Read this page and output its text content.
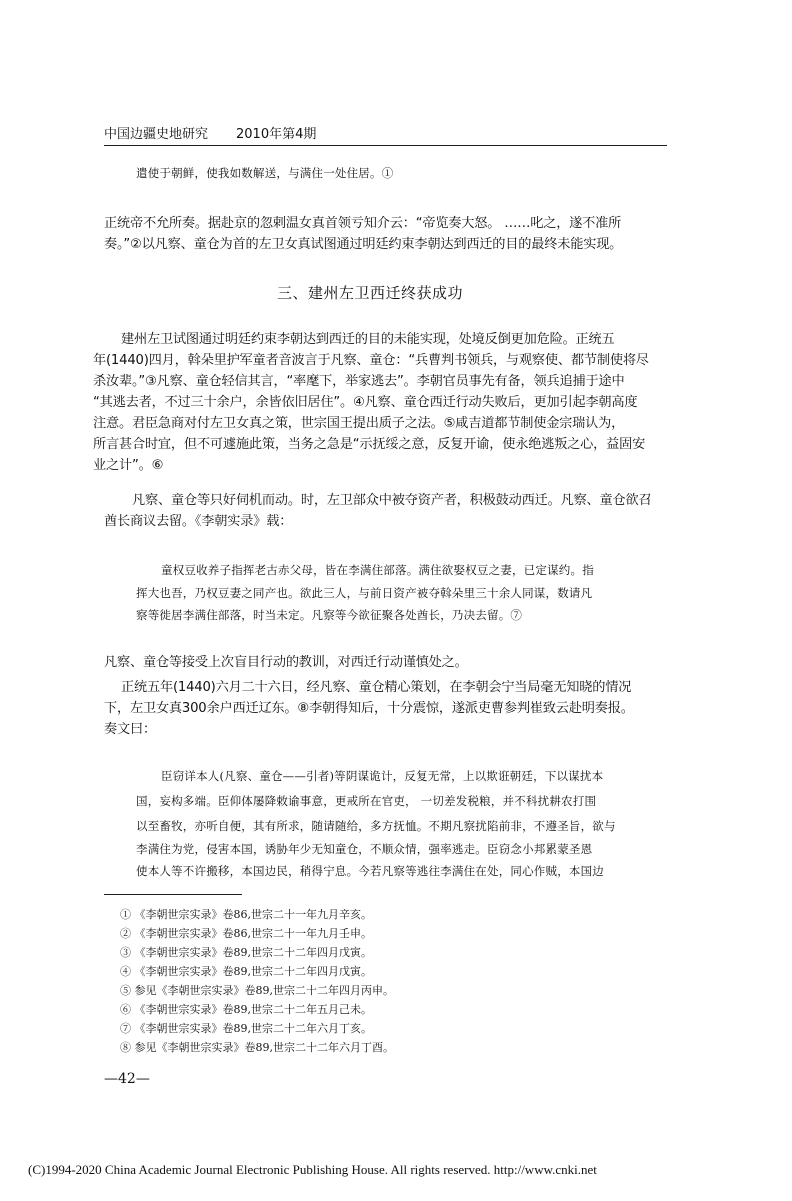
中国边疆史地研究 2010年第4期
遣使于朝鲜，使我如数解送，与满住一处住居。①
正统帝不允所奏。据赴京的忽剌温女真首领亏知介云：“帝览奏大怒。 ……叱之，遂不准所
奏。”②以凡察、童仓为首的左卫女真试图通过明廷约束李朝达到西迁的目的最终未能实现。
三、建州左卫西迁终获成功
建州左卫试图通过明廷约束李朝达到西迁的目的未能实现，处境反倒更加危险。正统五
年(1440)四月，斡朵里护军童者音波言于凡察、童仓：“兵曹判书领兵，与观察使、都节制使将尽
杀汝辈。”③凡察、童仓轻信其言，“率麾下，举家逃去”。李朝官员事先有备，领兵追捕于途中
“其逃去者，不过三十余户，余皆依旧居住”。④凡察、童仓西迁行动失败后，更加引起李朝高度
注意。君臣急商对付左卫女真之策，世宗国王提出质子之法。⑤咸吉道都节制使金宗瑞认为，
所言甚合时宜，但不可遽施此策，当务之急是“示抚绥之意，反复开谕，使永绝逃叛之心，益固安
业之计”。⑥
凡察、童仓等只好伺机而动。时，左卫部众中被夺资产者，积极鼓动西迁。凡察、童仓欲召
酋长商议去留。《李朝实录》载：
童权豆收养子指挥老古赤父母，皆在李满住部落。满住欲娶权豆之妻，已定谋约。指
挥大也吾，乃权豆妻之同产也。欲此三人，与前日资产被夺斡朵里三十余人同谋，数请凡
察等徙居李满住部落，时当未定。凡察等今欲征聚各处酋长，乃决去留。⑦
凡察、童仓等接受上次盲目行动的教训，对西迁行动谨慎处之。
正统五年(1440)六月二十六日，经凡察、童仓精心策划，在李朝会宁当局毫无知晓的情况
下，左卫女真300余户西迁辽东。⑧李朝得知后，十分震惊，遂派吏曹参判崔致云赴明奏报。
奏文曰：
臣窃详本人(凡察、童仓——引者)等阴谋诡计，反复无常，上以欺诳朝廷，下以谋扰本
国，妄构多端。臣仰体屡降敕谕事意，更戒所在官吏， 一切差发税粮，并不科扰耕农打围
以至畜牧，亦听自便，其有所求，随请随给，多方抚恤。不期凡察扰陷前非，不遵圣旨，欲与
李满住为党，侵害本国，诱胁年少无知童仓，不顺众情，强率逃走。臣窃念小邦累蒙圣恩
使本人等不许搬移，本国边民，稍得宁息。今若凡察等逃往李满住在处，同心作贼，本国边
① 《李朝世宗实录》卷86,世宗二十一年九月辛亥。
② 《李朝世宗实录》卷86,世宗二十一年九月壬申。
③ 《李朝世宗实录》卷89,世宗二十二年四月戊寅。
④ 《李朝世宗实录》卷89,世宗二十二年四月戊寅。
⑤ 参见《李朝世宗实录》卷89,世宗二十二年四月丙申。
⑥ 《李朝世宗实录》卷89,世宗二十二年五月己未。
⑦ 《李朝世宗实录》卷89,世宗二十二年六月丁亥。
⑧ 参见《李朝世宗实录》卷89,世宗二十二年六月丁酉。
—42—
(C)1994-2020 China Academic Journal Electronic Publishing House. All rights reserved. http://www.cnki.net
